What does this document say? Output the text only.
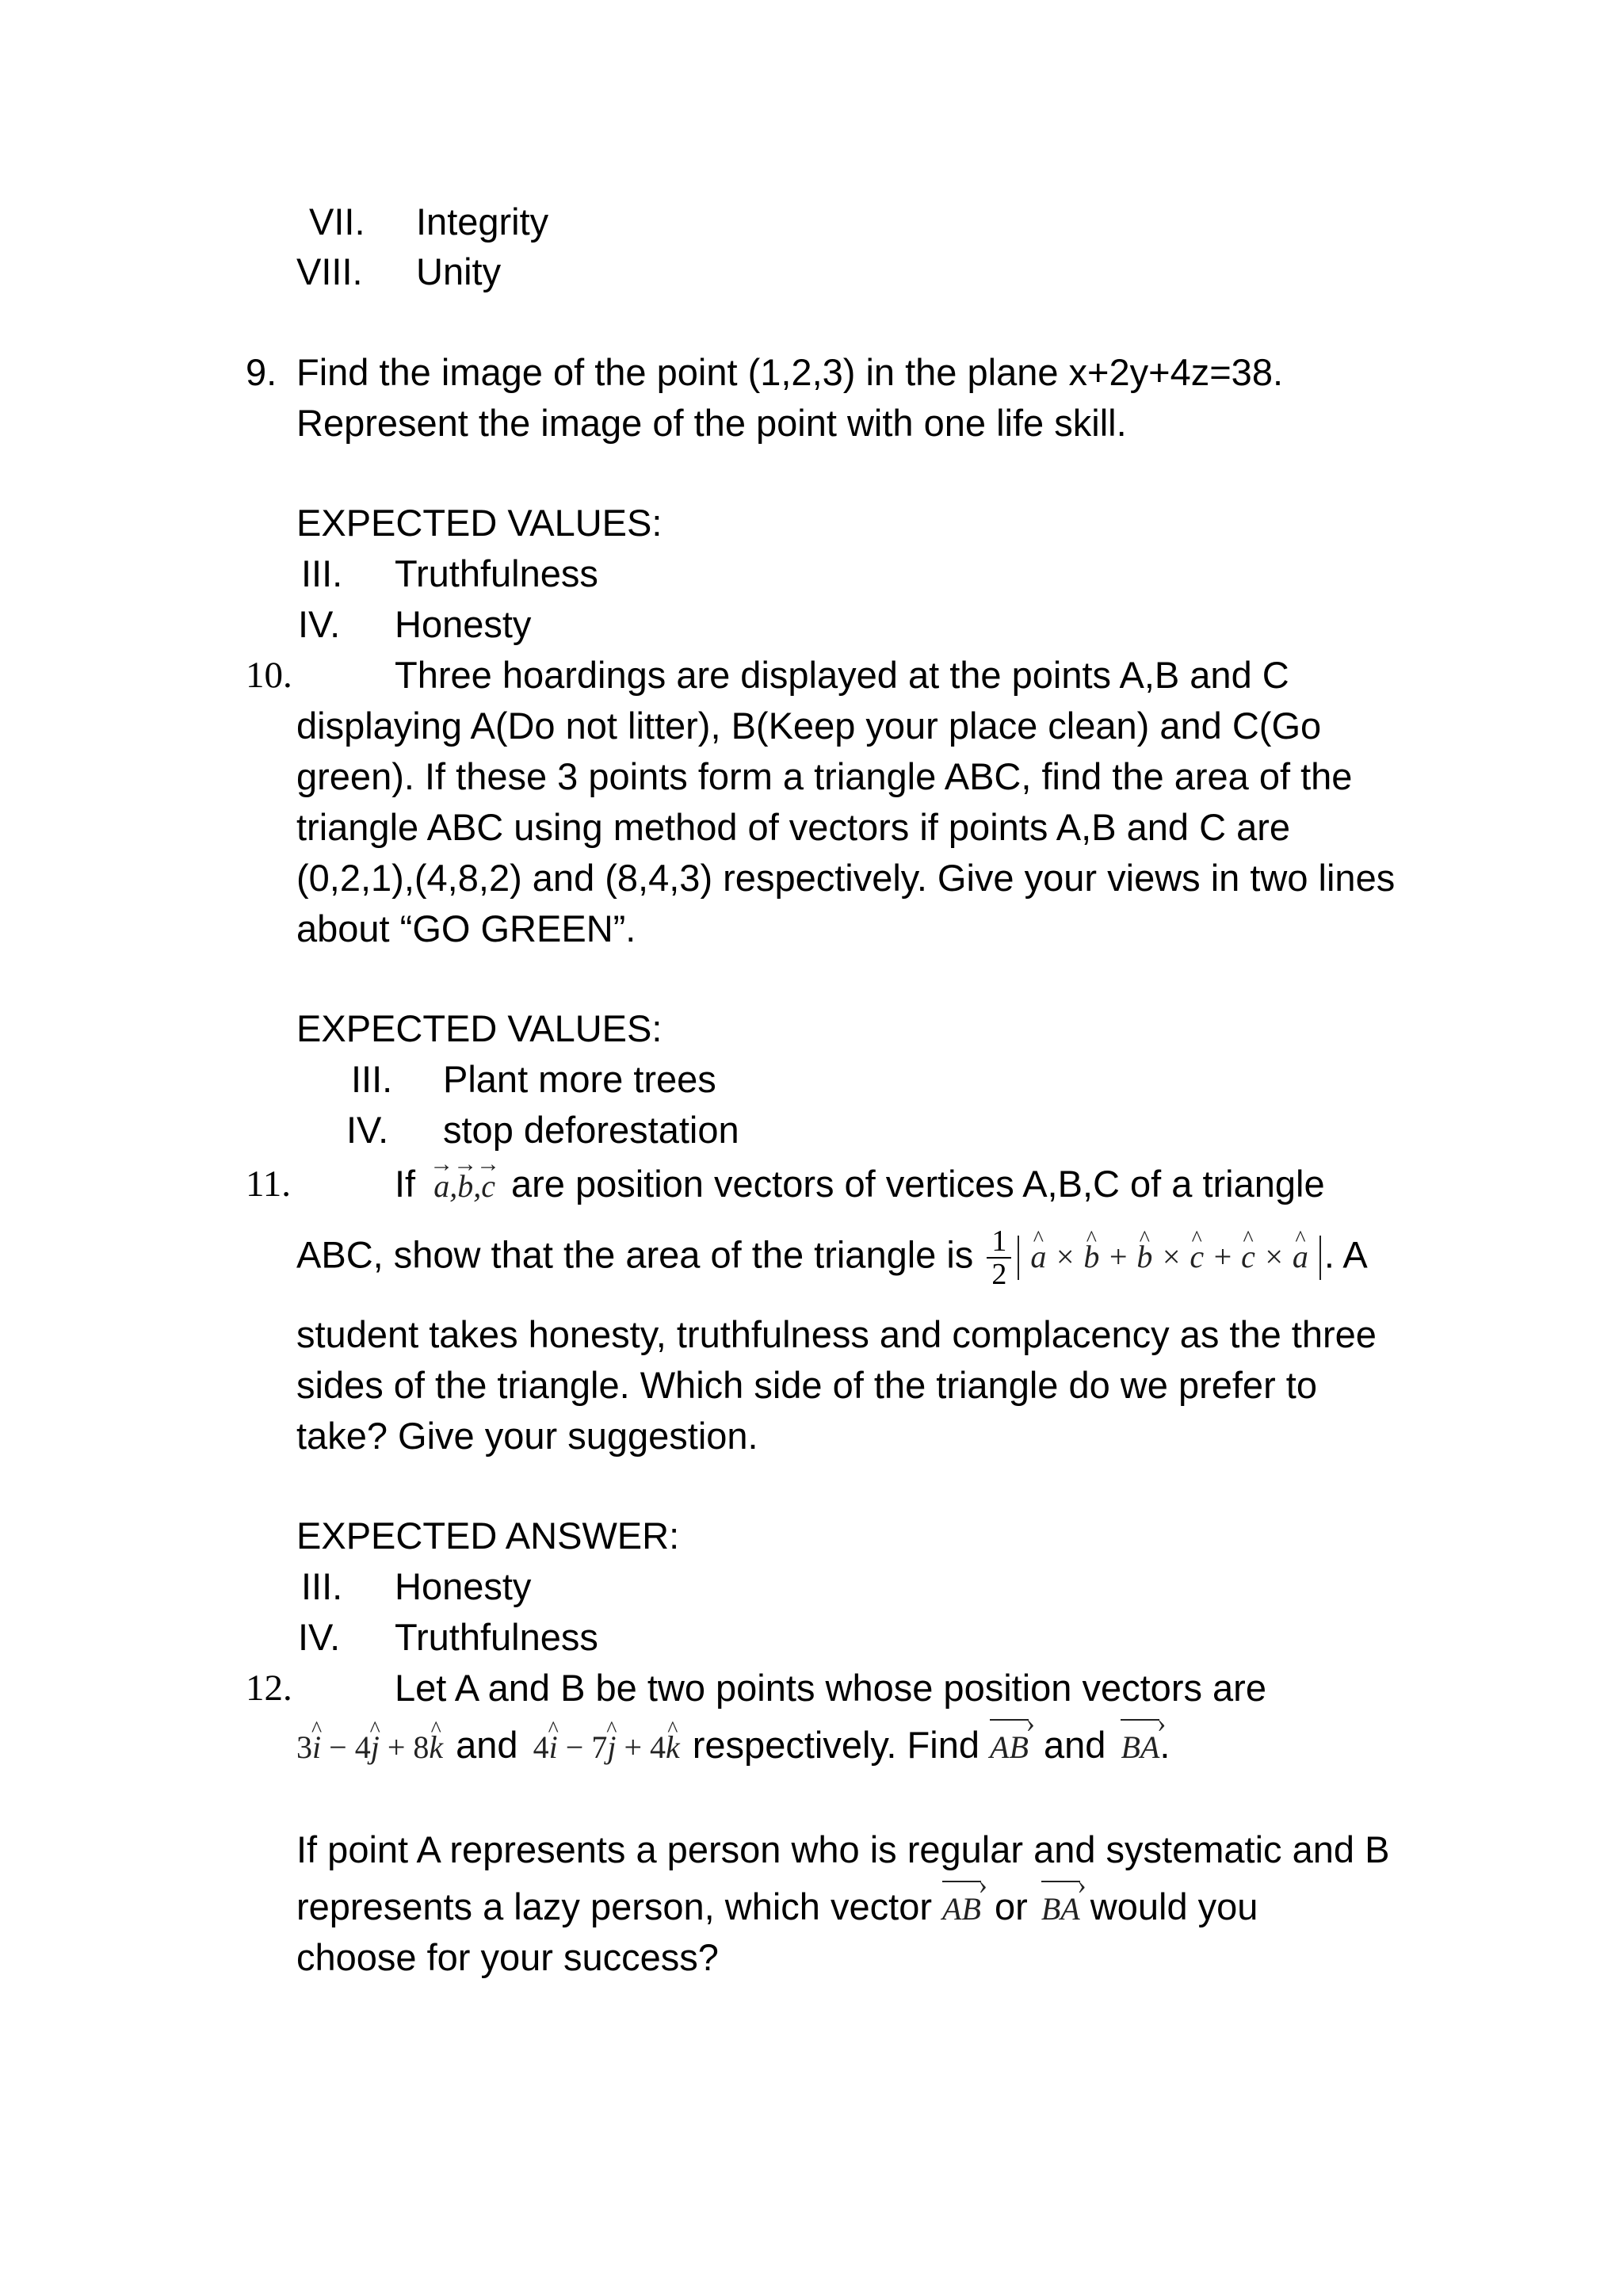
VII. Integrity
VIII. Unity
9. Find the image of the point (1,2,3) in the plane x+2y+4z=38.
Represent the image of the point with one life skill.
EXPECTED VALUES:
III. Truthfulness
IV. Honesty
10.	Three hoardings are displayed at the points A,B and C
displaying A(Do not litter), B(Keep your place clean) and C(Go
green). If these 3 points form a triangle ABC, find the area of the
triangle ABC using method of vectors if points A,B and C are
(0,2,1),(4,8,2) and (8,4,3) respectively. Give your views in two lines
about “GO GREEN”.
EXPECTED VALUES:
III. Plant more trees
IV. stop deforestation
11.	If → a,→ b,→ c are position vectors of vertices A,B,C of a triangle
ABC, show that the area of the triangle is $\frac{1}{2}$ ^ a × ^ b + ^ b × ^ c + ^ c × ^ a . A
student takes honesty, truthfulness and complacency as the three
sides of the triangle. Which side of the triangle do we prefer to
take? Give your suggestion.
EXPECTED ANSWER:
III. Honesty
IV. Truthfulness
12.	Let A and B be two points whose position vectors are
3^ i − 4^ j + 8^ k and 4^ i − 7^ j + 4^ k respectively. Find AB › and BA ›.
If point A represents a person who is regular and systematic and B
represents a lazy person, which vector AB › or BA › would you
choose for your success?
